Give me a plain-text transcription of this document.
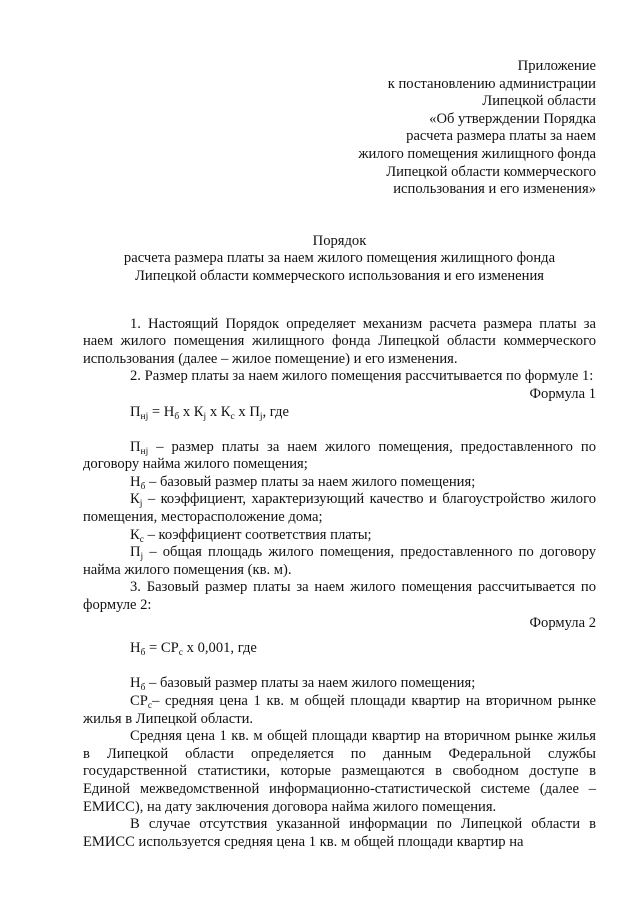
Приложение
к постановлению администрации
Липецкой области
«Об утверждении Порядка
расчета размера платы за наем
жилого помещения жилищного фонда
Липецкой области коммерческого
использования и его изменения»
Порядок
расчета размера платы за наем жилого помещения жилищного фонда
Липецкой области коммерческого использования и его изменения

1. Настоящий Порядок определяет механизм расчета размера платы за наем жилого помещения жилищного фонда Липецкой области коммерческого использования (далее – жилое помещение) и его изменения.

2. Размер платы за наем жилого помещения рассчитывается по формуле 1:

Формула 1

$П_{нj} = Н_б$ х $К_j$ х $К_с$ х $П_j$, где

$П_{нj}$ – размер платы за наем жилого помещения, предоставленного по договору найма жилого помещения;

$Н_б$ – базовый размер платы за наем жилого помещения;

$К_j$ – коэффициент, характеризующий качество и благоустройство жилого помещения, месторасположение дома;

$К_с$ – коэффициент соответствия платы;

$П_j$ – общая площадь жилого помещения, предоставленного по договору найма жилого помещения (кв. м).

3. Базовый размер платы за наем жилого помещения рассчитывается по формуле 2:

Формула 2

$Н_б = СР_с$ х 0,001, где

$Н_б$ – базовый размер платы за наем жилого помещения;

$СР_с-$ средняя цена 1 кв. м общей площади квартир на вторичном рынке жилья в Липецкой области.

Средняя цена 1 кв. м общей площади квартир на вторичном рынке жилья в Липецкой области определяется по данным Федеральной службы государственной статистики, которые размещаются в свободном доступе в Единой межведомственной информационно-статистической системе (далее – ЕМИСС), на дату заключения договора найма жилого помещения.

В случае отсутствия указанной информации по Липецкой области в ЕМИСС используется средняя цена 1 кв. м общей площади квартир на
